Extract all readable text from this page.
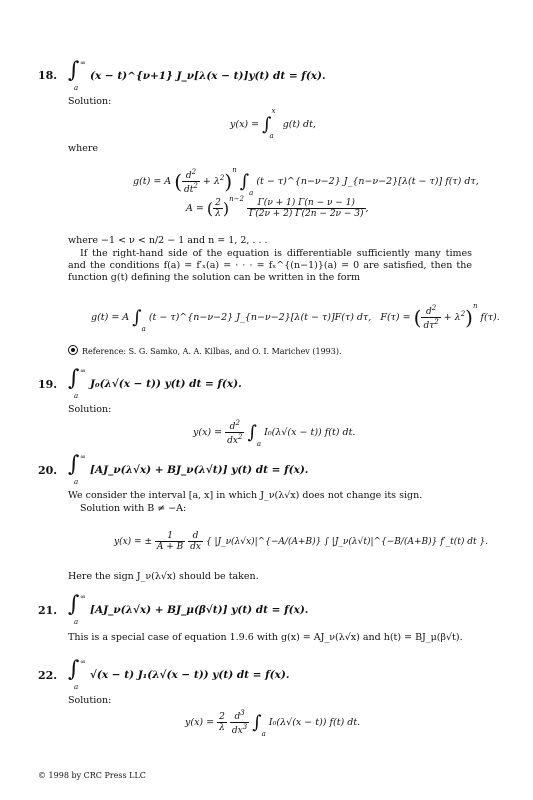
18. ∫ ∞
a
(x − t)^{ν+1} J_ν[λ(x − t)]y(t) dt = f(x).
Solution:
y(x) = ∫$^x_a$ g(t) dt,
where
g(t) = A ( $\frac{d^2}{dt^2} + \lambda^2)^n$ $\int_a$ (t − τ)^{n−ν−2} J_{n−ν−2}[λ(t − τ)] f(τ) dτ,
A = ( $\frac{2}{\lambda} )^{n-2} \frac{\Gamma(\nu + 1) \Gamma(n - \nu - 1)}{\Gamma(2\nu + 2) \Gamma(2n - 2\nu - 3)}$ ,
where −1 < ν < n/2 − 1 and n = 1, 2, . . .
If the right-hand side of the equation is differentiable sufficiently many times and the conditions f(a) = f′ₓ(a) = · · · = fₓ^{(n−1)}(a) = 0 are satisfied, then the function g(t) defining the solution can be written in the form
g(t) = A $\int_a$ (t − τ)^{n−ν−2} J_{n−ν−2}[λ(t − τ)]F(τ) dτ, F(τ) = ( $\frac{d^2}{d\tau^2} + \lambda^2)^n$ f(τ).
Reference: S. G. Samko, A. A. Kilbas, and O. I. Marichev (1993).
19. ∫ ∞
a
J₀(λ√(x − t)) y(t) dt = f(x).
Solution:
$y(x) = \frac{d^2}{dx^2} \int_a$ I₀(λ√(x − t)) f(t) dt.
20. ∫ ∞
a
[AJ_ν(λ√x) + BJ_ν(λ√t)] y(t) dt = f(x).
We consider the interval [a, x] in which J_ν(λ√x) does not change its sign.
Solution with B ≠ −A:
y(x) = ± $\frac{1}{A + B}$
$\frac{d}{dx}$ { |J_ν(λ√x)|^{−A/(A+B)} ∫ |J_ν(λ√t)|^{−B/(A+B)} f′_t(t) dt }.
Here the sign J_ν(λ√x) should be taken.
21. ∫ ∞
a
[AJ_ν(λ√x) + BJ_μ(β√t)] y(t) dt = f(x).
This is a special case of equation 1.9.6 with g(x) = AJ_ν(λ√x) and h(t) = BJ_μ(β√t).
22. ∫ ∞
a
√(x − t) J₁(λ√(x − t)) y(t) dt = f(x).
Solution:
$y(x) = \frac{2}{\lambda}$
$\frac{d^3}{dx^3} \int_a$ I₀(λ√(x − t)) f(t) dt.
© 1998 by CRC Press LLC
